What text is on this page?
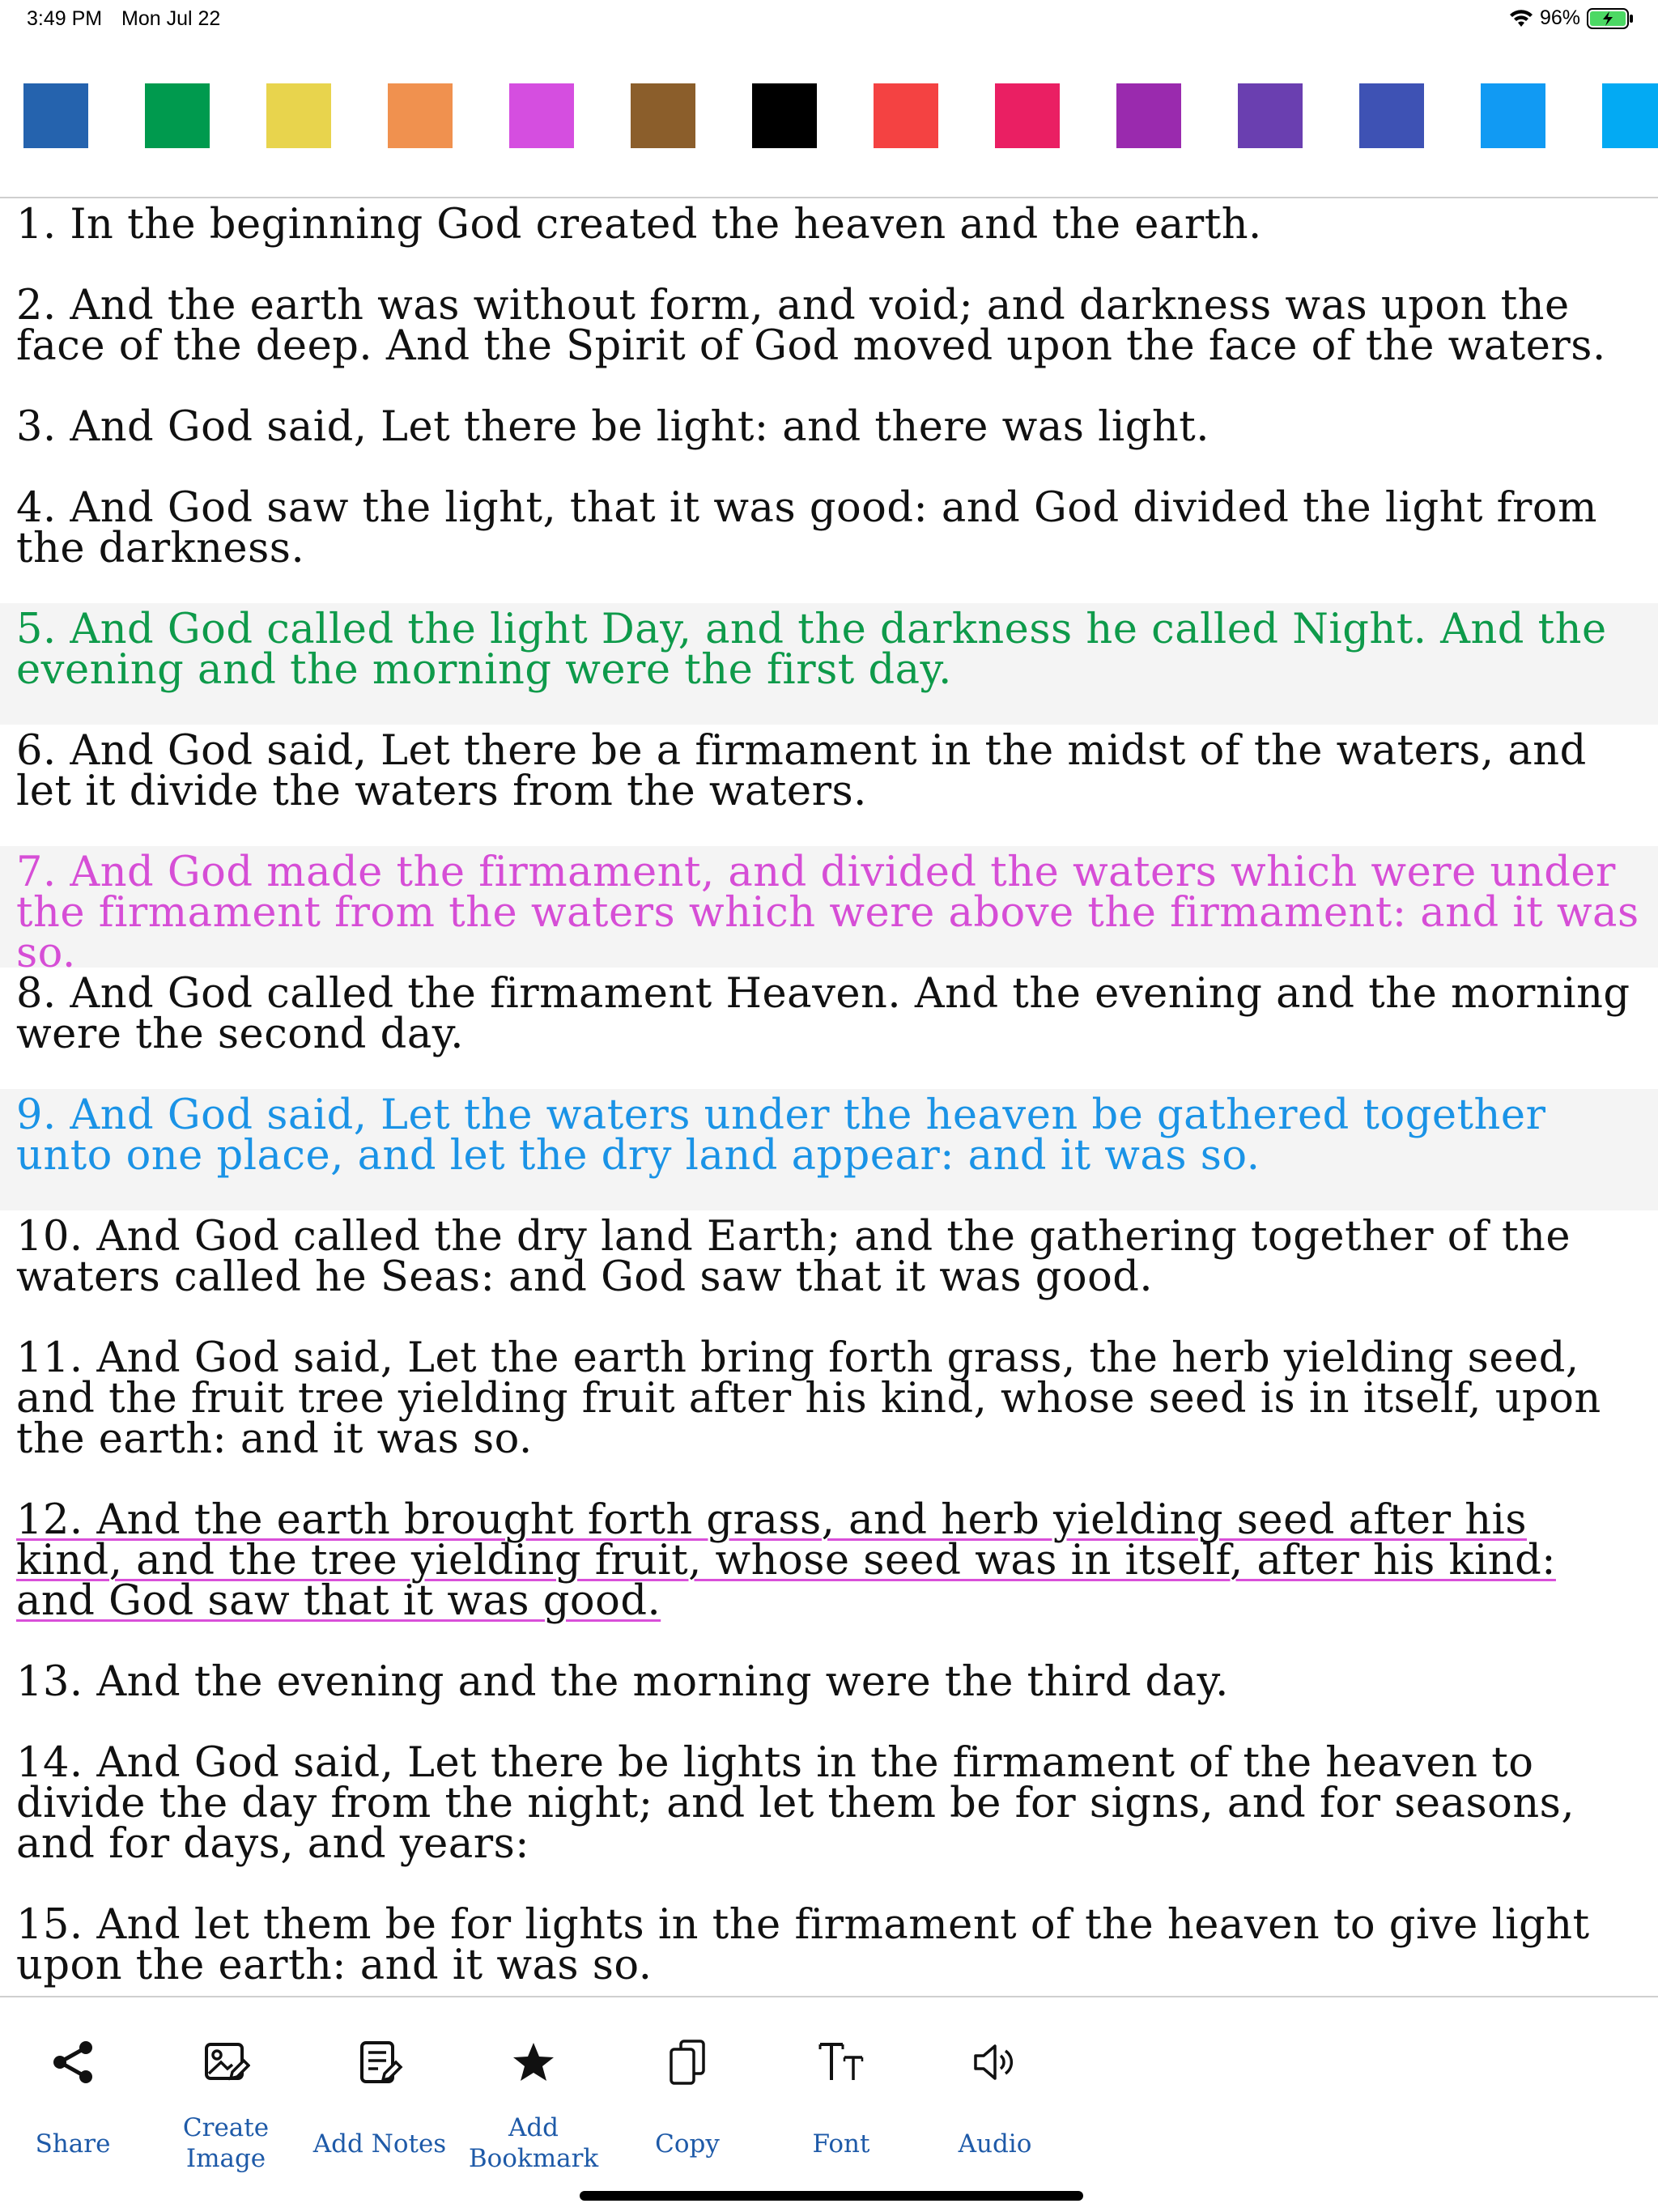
3:49 PM Mon Jul 22	96%
1. In the beginning God created the heaven and the earth.
2. And the earth was without form, and void; and darkness was upon the face of the deep. And the Spirit of God moved upon the face of the waters.
3. And God said, Let there be light: and there was light.
4. And God saw the light, that it was good: and God divided the light from the darkness.
5. And God called the light Day, and the darkness he called Night. And the evening and the morning were the first day.
6. And God said, Let there be a firmament in the midst of the waters, and let it divide the waters from the waters.
7. And God made the firmament, and divided the waters which were under the firmament from the waters which were above the firmament: and it was so.
8. And God called the firmament Heaven. And the evening and the morning were the second day.
9. And God said, Let the waters under the heaven be gathered together unto one place, and let the dry land appear: and it was so.
10. And God called the dry land Earth; and the gathering together of the waters called he Seas: and God saw that it was good.
11. And God said, Let the earth bring forth grass, the herb yielding seed, and the fruit tree yielding fruit after his kind, whose seed is in itself, upon the earth: and it was so.
12. And the earth brought forth grass, and herb yielding seed after his kind, and the tree yielding fruit, whose seed was in itself, after his kind: and God saw that it was good.
13. And the evening and the morning were the third day.
14. And God said, Let there be lights in the firmament of the heaven to divide the day from the night; and let them be for signs, and for seasons, and for days, and years:
15. And let them be for lights in the firmament of the heaven to give light upon the earth: and it was so.
Share
Create
Image	Add Notes
Add
Bookmark	Copy	Font	Audio
